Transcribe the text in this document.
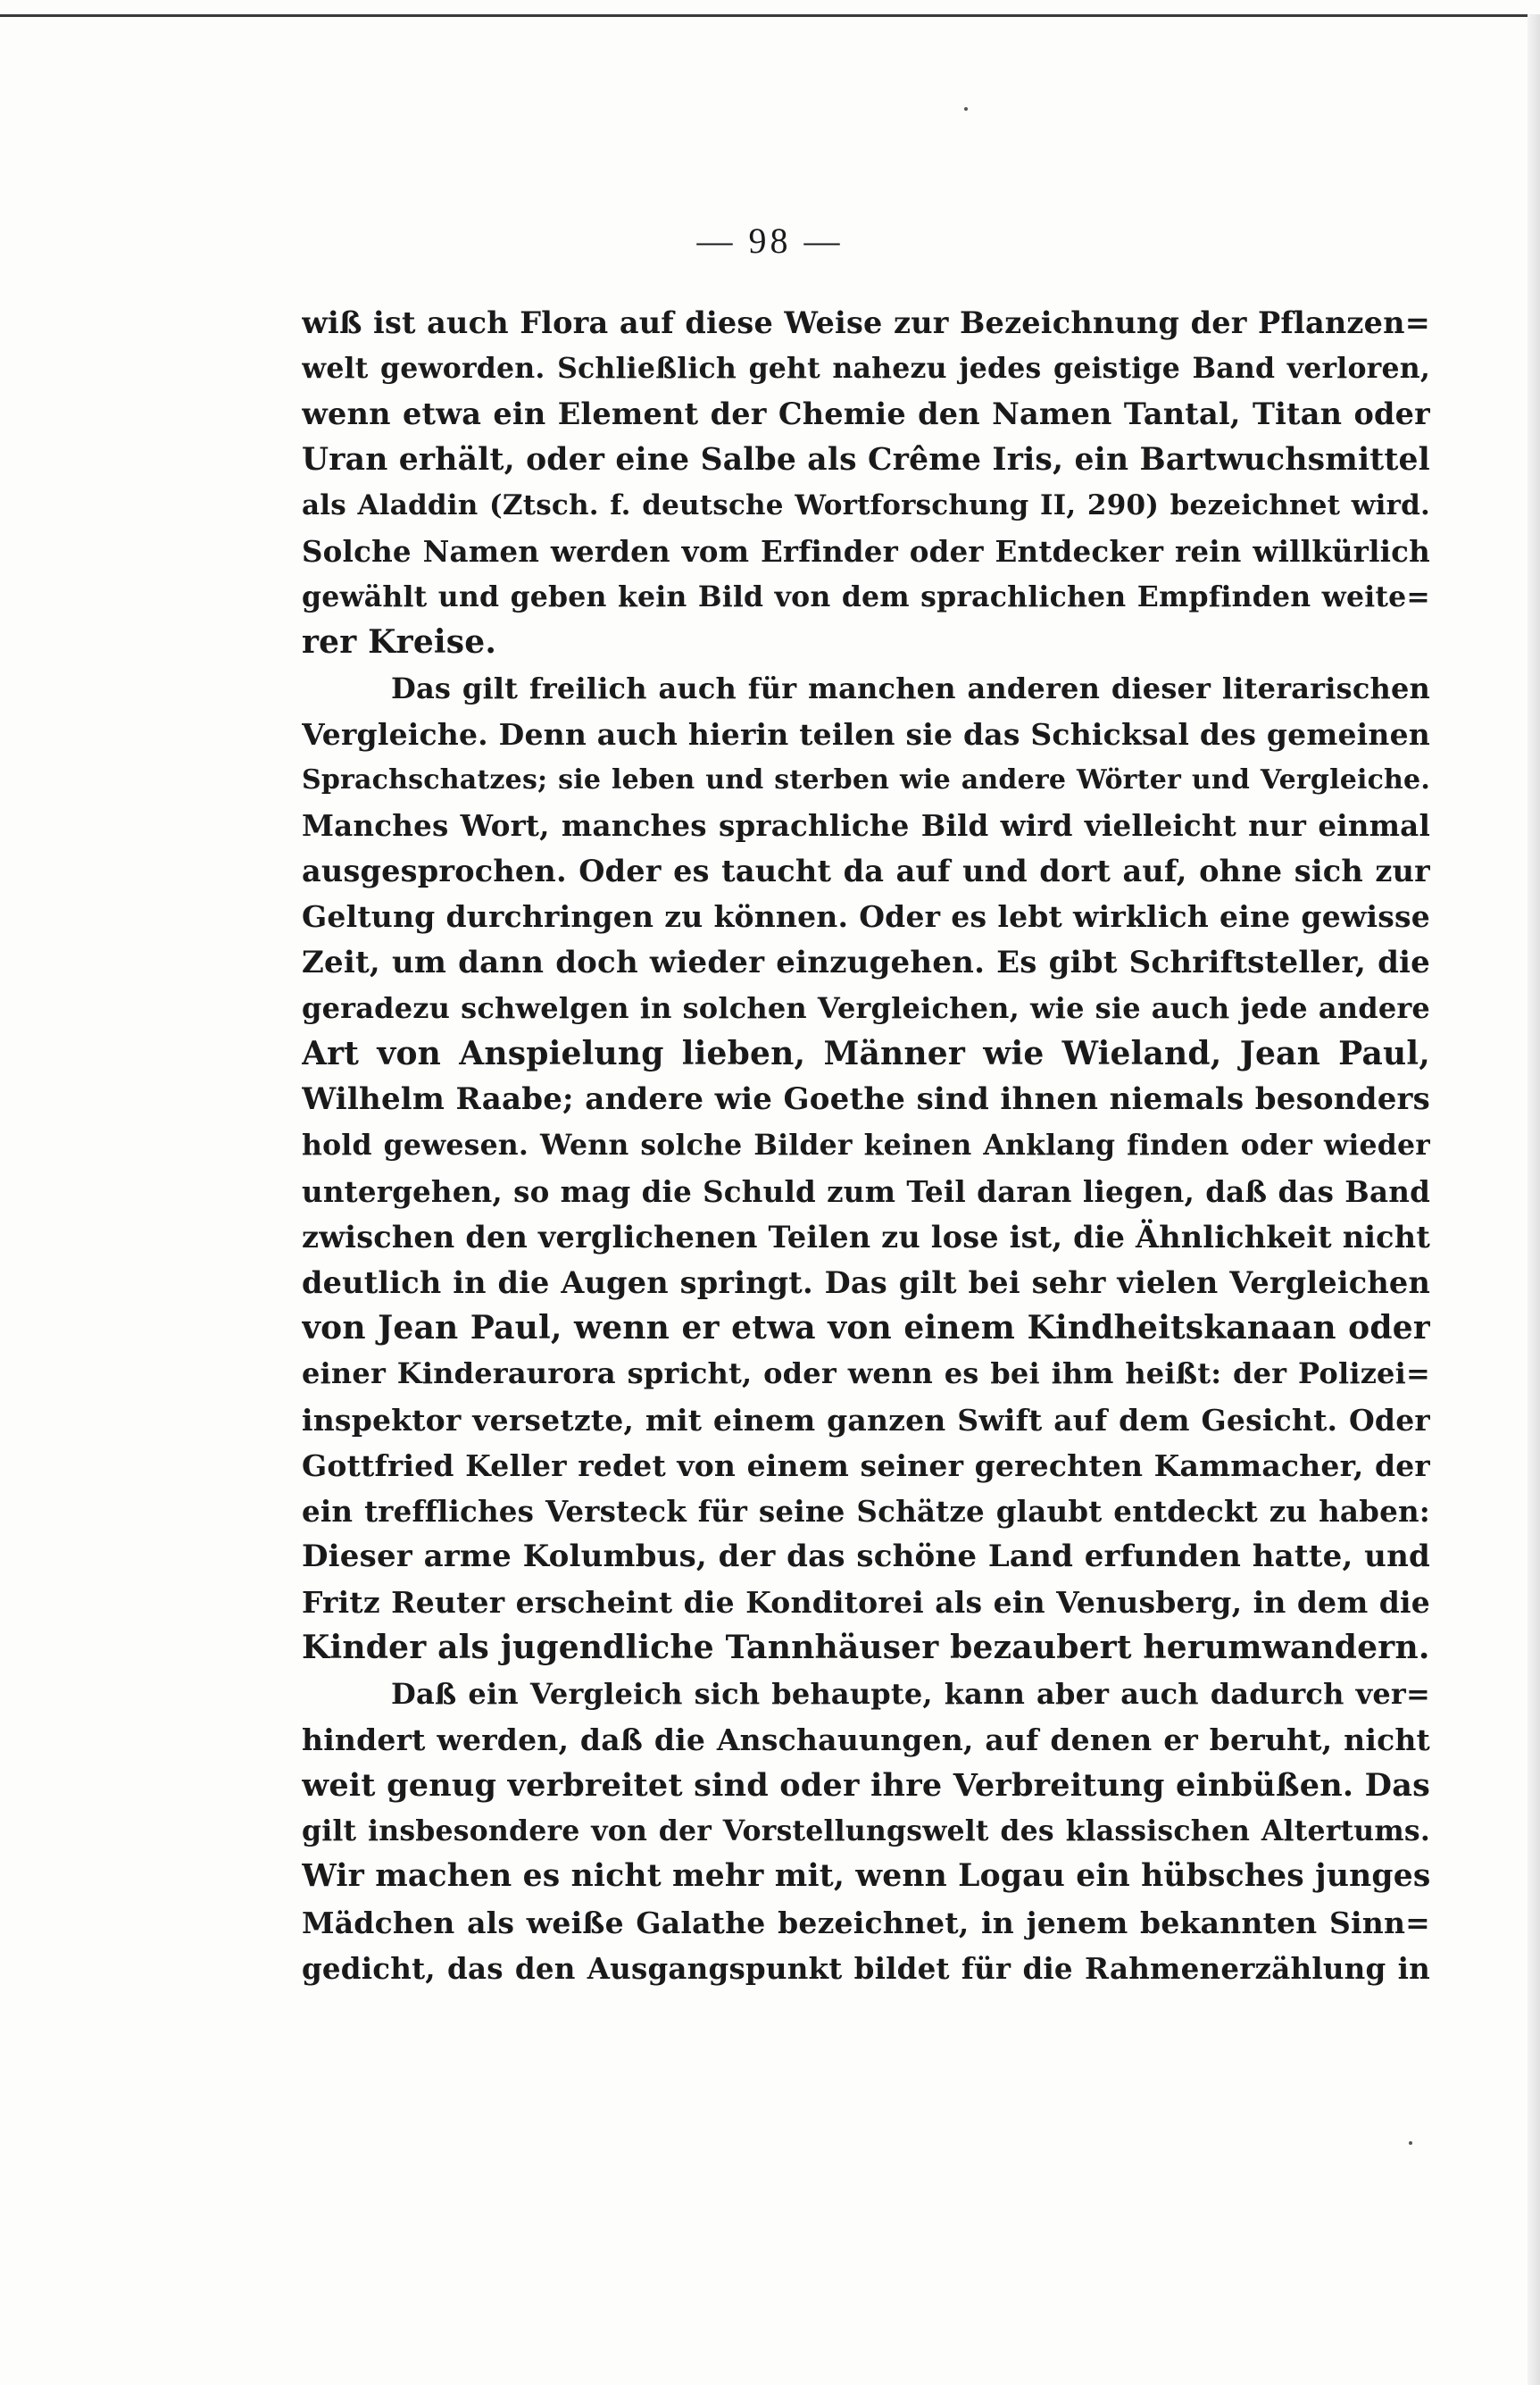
— 98 —
wiß ist auch Flora auf diese Weise zur Bezeichnung der Pflanzen=
welt geworden. Schließlich geht nahezu jedes geistige Band verloren,
wenn etwa ein Element der Chemie den Namen Tantal, Titan oder
Uran erhält, oder eine Salbe als Crême Iris, ein Bartwuchsmittel
als Aladdin (Ztsch. f. deutsche Wortforschung II, 290) bezeichnet wird.
Solche Namen werden vom Erfinder oder Entdecker rein willkürlich
gewählt und geben kein Bild von dem sprachlichen Empfinden weite=
rer Kreise.
Das gilt freilich auch für manchen anderen dieser literarischen
Vergleiche. Denn auch hierin teilen sie das Schicksal des gemeinen
Sprachschatzes; sie leben und sterben wie andere Wörter und Vergleiche.
Manches Wort, manches sprachliche Bild wird vielleicht nur einmal
ausgesprochen. Oder es taucht da auf und dort auf, ohne sich zur
Geltung durchringen zu können. Oder es lebt wirklich eine gewisse
Zeit, um dann doch wieder einzugehen. Es gibt Schriftsteller, die
geradezu schwelgen in solchen Vergleichen, wie sie auch jede andere
Art von Anspielung lieben, Männer wie Wieland, Jean Paul,
Wilhelm Raabe; andere wie Goethe sind ihnen niemals besonders
hold gewesen. Wenn solche Bilder keinen Anklang finden oder wieder
untergehen, so mag die Schuld zum Teil daran liegen, daß das Band
zwischen den verglichenen Teilen zu lose ist, die Ähnlichkeit nicht
deutlich in die Augen springt. Das gilt bei sehr vielen Vergleichen
von Jean Paul, wenn er etwa von einem Kindheitskanaan oder
einer Kinderaurora spricht, oder wenn es bei ihm heißt: der Polizei=
inspektor versetzte, mit einem ganzen Swift auf dem Gesicht. Oder
Gottfried Keller redet von einem seiner gerechten Kammacher, der
ein treffliches Versteck für seine Schätze glaubt entdeckt zu haben:
Dieser arme Kolumbus, der das schöne Land erfunden hatte, und
Fritz Reuter erscheint die Konditorei als ein Venusberg, in dem die
Kinder als jugendliche Tannhäuser bezaubert herumwandern.
Daß ein Vergleich sich behaupte, kann aber auch dadurch ver=
hindert werden, daß die Anschauungen, auf denen er beruht, nicht
weit genug verbreitet sind oder ihre Verbreitung einbüßen. Das
gilt insbesondere von der Vorstellungswelt des klassischen Altertums.
Wir machen es nicht mehr mit, wenn Logau ein hübsches junges
Mädchen als weiße Galathe bezeichnet, in jenem bekannten Sinn=
gedicht, das den Ausgangspunkt bildet für die Rahmenerzählung in
